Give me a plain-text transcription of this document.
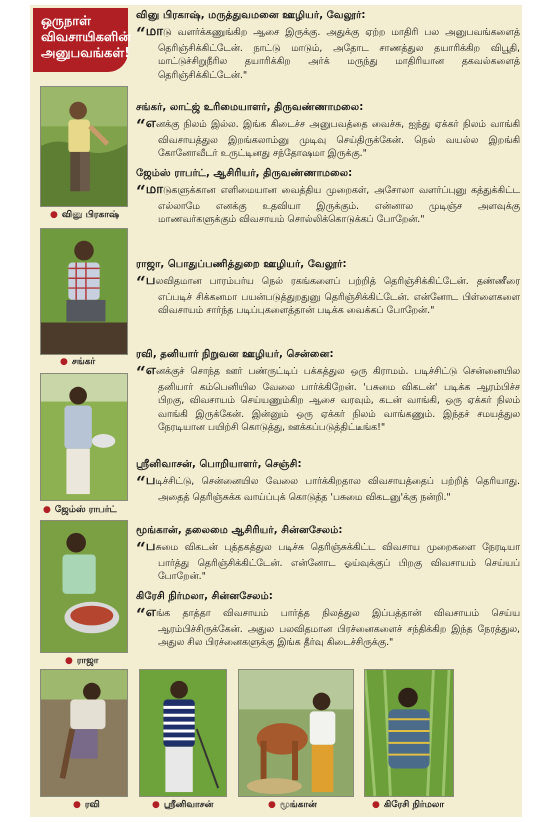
ஒருநாள்
விவசாயிகளின்
அனுபவங்கள்!
● வினு பிரகாஷ்
● சங்கர்
● ஜேம்ஸ் ராபர்ட்
● ராஜா
● ரவி	● ஸ்ரீனிவாசன்	● மூங்கான்	● கிரேசி நிர்மலா
வினு பிரகாஷ், மருத்துவமனை ஊழியர், வேலூர்:
“மாடு வளர்க்கணுங்கிற ஆசை இருக்கு. அதுக்கு ஏற்ற மாதிரி பல அனுபவங்களைத் தெரிஞ்சிக்கிட்டேன். நாட்டு மாடும், அதோட சாணத்துல தயாரிக்கிற விபூதி, மாட்டுச்சிறுநீரில தயாரிக்கிற அர்க் மருந்து மாதிரியான தகவல்களைத் தெரிஞ்சிக்கிட்டேன்."
சங்கர், லாட்ஜ் உரிமையாளர், திருவண்ணாமலை:
“எனக்கு நிலம் இல்ல. இங்க கிடைச்ச அனுபவத்தை வைச்சு, ஐந்து ஏக்கர் நிலம் வாங்கி விவசாயத்துல இறங்கலாம்னு முடிவு செய்திருக்கேன். நெல் வயல்ல இறங்கி கோனோவீடர் உருட்டினது சந்தோஷமா இருக்கு."
ஜேம்ஸ் ராபர்ட், ஆசிரியர், திருவண்ணாமலை:
“மாடுகளுக்கான எளிமையான வைத்திய முறைகள், அசோலா வளர்ப்புனு கத்துக்கிட்ட எல்லாமே எனக்கு உதவியா இருக்கும். என்னால முடிஞ்ச அளவுக்கு மாணவர்களுக்கும் விவசாயம் சொல்லிக்கொடுக்கப் போறேன்."
ராஜா, பொதுப்பணித்துறை ஊழியர், வேலூர்:
“பலவிதமான பாரம்பர்ய நெல் ரகங்களைப் பற்றித் தெரிஞ்சிக்கிட்டேன். தண்ணீரை எப்படிச் சிக்கனமா பயன்படுத்துறதுனு தெரிஞ்சிக்கிட்டேன். என்னோட பிள்ளைகளை விவசாயம் சார்ந்த படிப்புகளைத்தான் படிக்க வைக்கப் போறேன்."
ரவி, தனியார் நிறுவன ஊழியர், சென்னை:
“எனக்குச் சொந்த ஊர் பண்ருட்டிப் பக்கத்துல ஒரு கிராமம். படிச்சிட்டு சென்னையில தனியார் கம்பெனியில வேலை பார்க்கிறேன். 'பசுமை விகடன்' படிக்க ஆரம்பிச்ச பிறகு, விவசாயம் செய்யணும்கிற ஆசை வரவும், கடன் வாங்கி, ஒரு ஏக்கர் நிலம் வாங்கி இருக்கேன். இன்னும் ஒரு ஏக்கர் நிலம் வாங்கணும். இந்தச் சமயத்துல நேரடியான பயிற்சி கொடுத்து, ஊக்கப்படுத்திட்டீங்க!"
ஸ்ரீனிவாசன், பொறியாளர், செஞ்சி:
“படிச்சிட்டு, சென்னையில வேலை பார்க்கிறதால விவசாயத்தைப் பற்றித் தெரியாது. அதைத் தெரிஞ்சுக்க வாய்ப்புக் கொடுத்த 'பசுமை விகடனு'க்கு நன்றி."
மூங்கான், தலைமை ஆசிரியர், சின்னசேலம்:
“பசுமை விகடன் புத்தகத்துல படிச்சு தெரிஞ்சுக்கிட்ட விவசாய முறைகளை நேரடியா பார்த்து தெரிஞ்சிக்கிட்டேன். என்னோட ஓய்வுக்குப் பிறகு விவசாயம் செய்யப் போறேன்."
கிரேசி நிர்மலா, சின்னசேலம்:
“எங்க தாத்தா விவசாயம் பார்த்த நிலத்துல இப்பத்தான் விவசாயம் செய்ய ஆரம்பிச்சிருக்கேன். அதுல பலவிதமான பிரச்னைகளைச் சந்திக்கிற இந்த நேரத்துல, அதுல சில பிரச்னைகளுக்கு இங்க தீர்வு கிடைச்சிருக்கு."
